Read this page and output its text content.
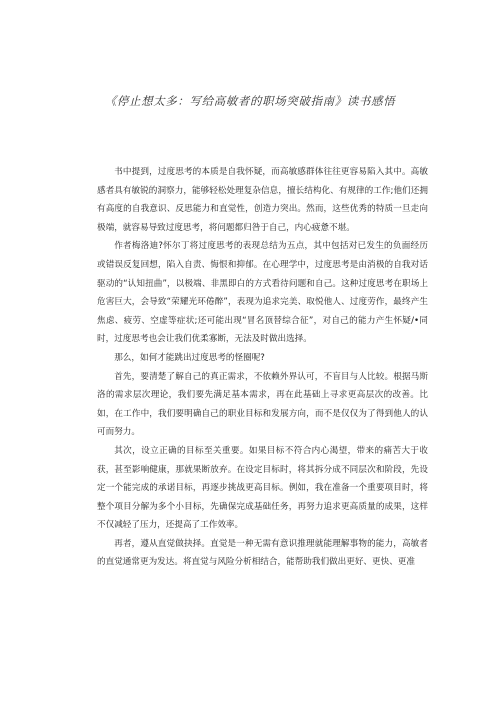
《停止想太多：写给高敏者的职场突破指南》读书感悟

书中提到，过度思考的本质是自我怀疑，而高敏感群体往往更容易陷入其中。高敏感者具有敏锐的洞察力，能够轻松处理复杂信息，擅长结构化、有规律的工作;他们还拥有高度的自我意识、反思能力和直觉性，创造力突出。然而，这些优秀的特质一旦走向极端，就容易导致过度思考，将问题都归咎于自己，内心疲惫不堪。

作者梅洛迪?怀尔丁将过度思考的表现总结为五点，其中包括对已发生的负面经历或错误反复回想，陷入自责、悔恨和抑郁。在心理学中，过度思考是由消极的自我对话驱动的“认知扭曲”，以极端、非黑即白的方式看待问题和自己。这种过度思考在职场上危害巨大，会导致“荣耀光环倦醉”，表现为追求完美、取悦他人、过度劳作，最终产生焦虑、疲劳、空虚等症状;还可能出现“冒名顶替综合征”，对自己的能力产生怀疑/•同时，过度思考也会让我们优柔寡断，无法及时做出选择。

那么，如何才能跳出过度思考的怪圈呢?

首先，要清楚了解自己的真正需求，不依赖外界认可，不盲目与人比较。根据马斯洛的需求层次理论，我们要先满足基本需求，再在此基础上寻求更高层次的改善。比如，在工作中，我们要明确自己的职业目标和发展方向，而不是仅仅为了得到他人的认可而努力。

其次，设立正确的目标至关重要。如果目标不符合内心渴望，带来的痛苦大于收获，甚至影响健康，那就果断放弃。在设定目标时，将其拆分成不同层次和阶段，先设定一个能完成的承诺目标，再逐步挑战更高目标。例如，我在准备一个重要项目时，将整个项目分解为多个小目标，先确保完成基础任务，再努力追求更高质量的成果，这样不仅减轻了压力，还提高了工作效率。

再者，遵从直觉做抉择。直觉是一种无需有意识推理就能理解事物的能力，高敏者的直觉通常更为发达。将直觉与风险分析相结合，能帮助我们做出更好、更快、更准
